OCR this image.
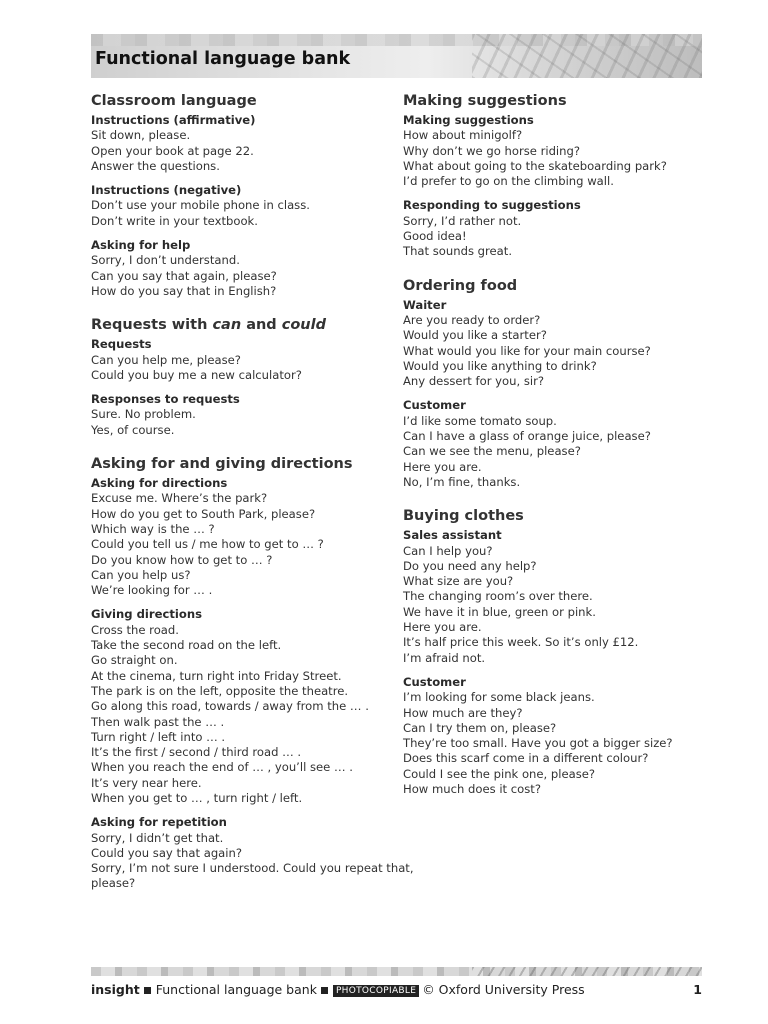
Functional language bank
Classroom language
Instructions (affirmative)

Sit down, please.

Open your book at page 22.

Answer the questions.

Instructions (negative)

Don’t use your mobile phone in class.

Don’t write in your textbook.

Asking for help

Sorry, I don’t understand.

Can you say that again, please?

How do you say that in English?

Requests with can and could
Requests

Can you help me, please?

Could you buy me a new calculator?

Responses to requests

Sure. No problem.

Yes, of course.

Asking for and giving directions
Asking for directions

Excuse me. Where’s the park?

How do you get to South Park, please?

Which way is the … ?

Could you tell us / me how to get to … ?

Do you know how to get to … ?

Can you help us?

We’re looking for … .

Giving directions

Cross the road.

Take the second road on the left.

Go straight on.

At the cinema, turn right into Friday Street.

The park is on the left, opposite the theatre.

Go along this road, towards / away from the … .

Then walk past the … .

Turn right / left into … .

It’s the first / second / third road … .

When you reach the end of … , you’ll see … .

It’s very near here.

When you get to … , turn right / left.

Asking for repetition

Sorry, I didn’t get that.

Could you say that again?

Sorry, I’m not sure I understood. Could you repeat that,

please?

Making suggestions
Making suggestions

How about minigolf?

Why don’t we go horse riding?

What about going to the skateboarding park?

I’d prefer to go on the climbing wall.

Responding to suggestions

Sorry, I’d rather not.

Good idea!

That sounds great.

Ordering food
Waiter

Are you ready to order?

Would you like a starter?

What would you like for your main course?

Would you like anything to drink?

Any dessert for you, sir?

Customer

I’d like some tomato soup.

Can I have a glass of orange juice, please?

Can we see the menu, please?

Here you are.

No, I’m fine, thanks.

Buying clothes
Sales assistant

Can I help you?

Do you need any help?

What size are you?

The changing room’s over there.

We have it in blue, green or pink.

Here you are.

It’s half price this week. So it’s only £12.

I’m afraid not.

Customer

I’m looking for some black jeans.

How much are they?

Can I try them on, please?

They’re too small. Have you got a bigger size?

Does this scarf come in a different colour?

Could I see the pink one, please?

How much does it cost?

insight Functional language bank PHOTOCOPIABLE © Oxford University Press	1
